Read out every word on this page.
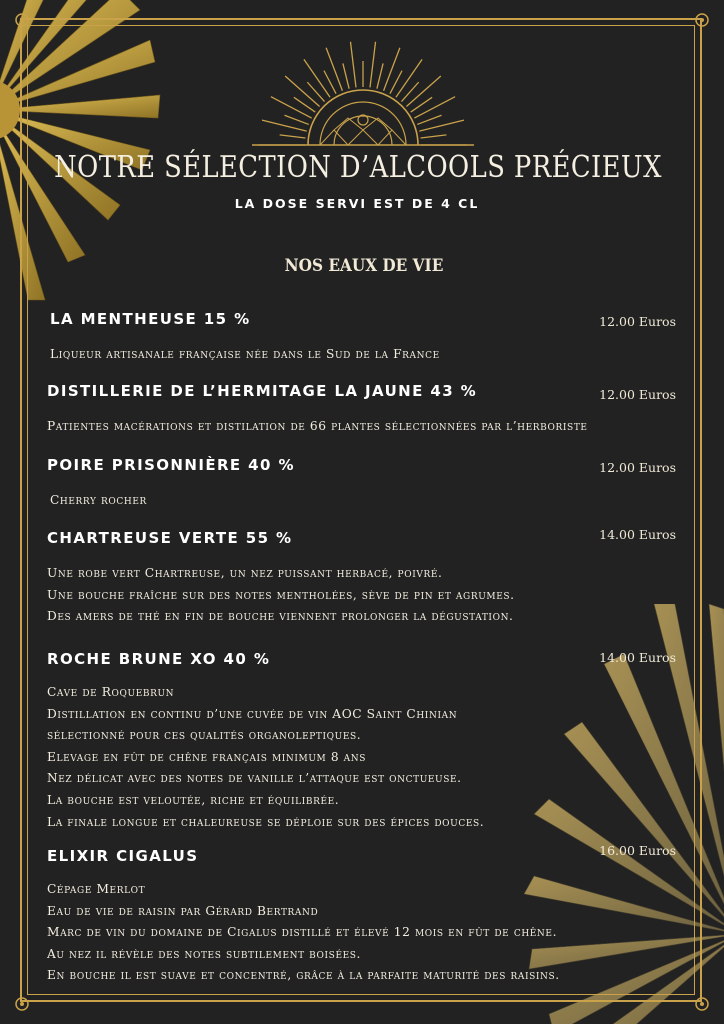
NOTRE SÉLECTION D’ALCOOLS PRÉCIEUX
LA DOSE SERVI EST DE 4 CL
NOS EAUX DE VIE
LA MENTHEUSE 15 %	12.00 Euros
Liqueur artisanale française née dans le Sud de la France
DISTILLERIE DE L’HERMITAGE LA JAUNE 43 %	12.00 Euros
Patientes macérations et distilation de 66 plantes sélectionnées par l’herboriste
POIRE PRISONNIÈRE 40 %	12.00 Euros
Cherry rocher
CHARTREUSE VERTE 55 %	14.00 Euros
Une robe vert Chartreuse, un nez puissant herbacé, poivré.
Une bouche fraîche sur des notes mentholées, sève de pin et agrumes.
Des amers de thé en fin de bouche viennent prolonger la dégustation.
ROCHE BRUNE XO 40 %	14.00 Euros
Cave de Roquebrun
Distillation en continu d’une cuvée de vin AOC Saint Chinian
sélectionné pour ces qualités organoleptiques.
Elevage en fût de chêne français minimum 8 ans
Nez délicat avec des notes de vanille l’attaque est onctueuse.
La bouche est veloutée, riche et équilibrée.
La finale longue et chaleureuse se déploie sur des épices douces.
ELIXIR CIGALUS	16.00 Euros
Cépage Merlot
Eau de vie de raisin par Gérard Bertrand
Marc de vin du domaine de Cigalus distillé et élevé 12 mois en fût de chêne.
Au nez il révèle des notes subtilement boisées.
En bouche il est suave et concentré, grâce à la parfaite maturité des raisins.
